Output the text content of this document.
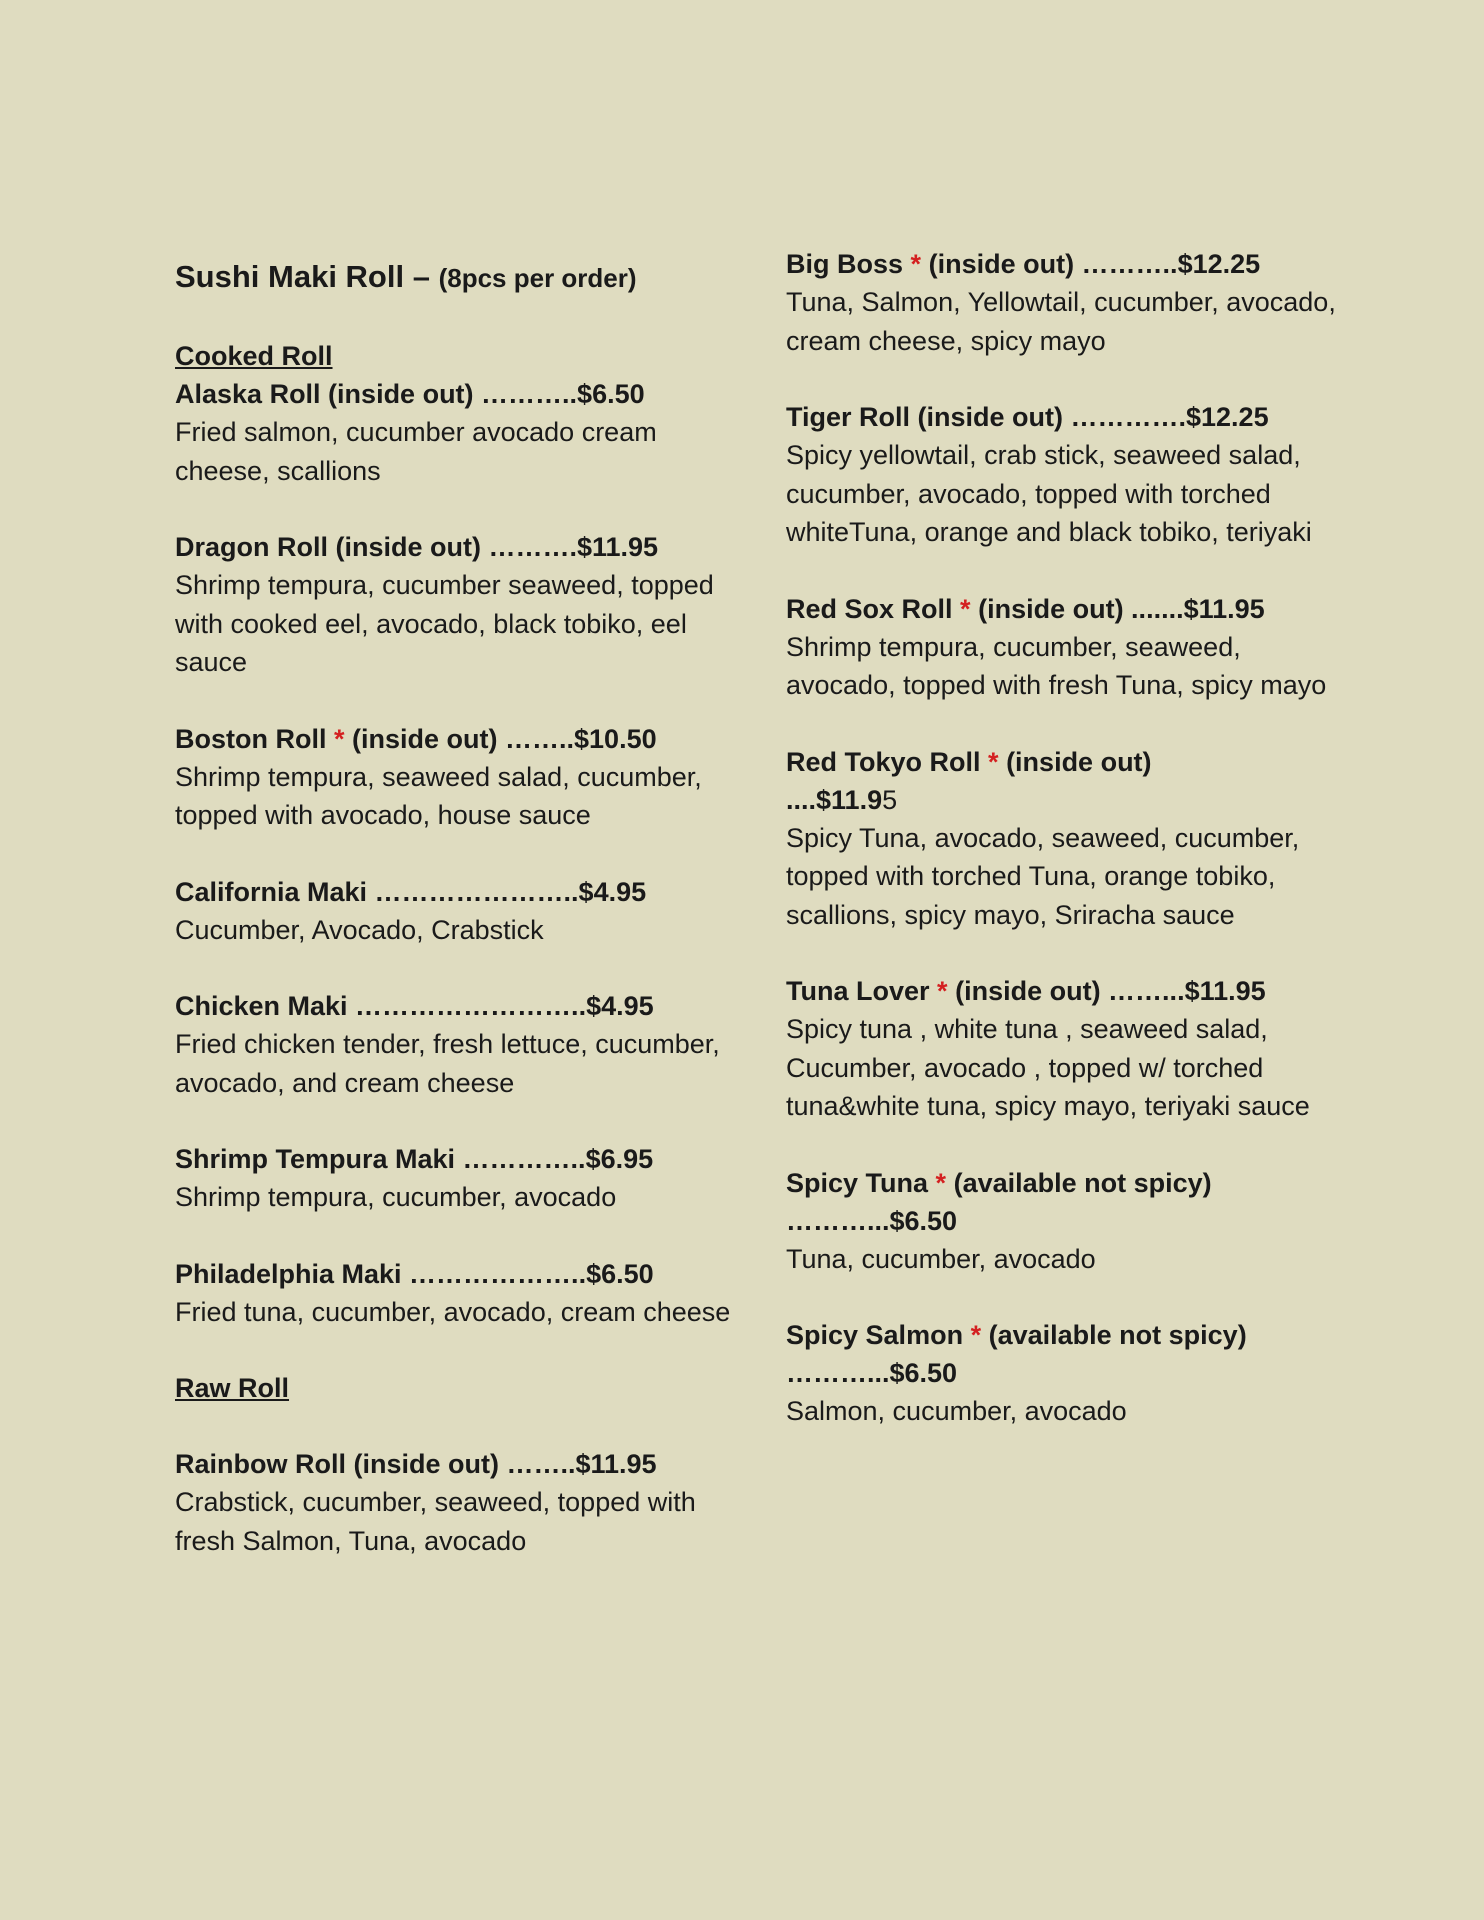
Sushi Maki Roll – (8pcs per order)
Cooked Roll
Alaska Roll (inside out) ………..$6.50
Fried salmon, cucumber avocado cream cheese, scallions
Dragon Roll (inside out) ……….$11.95
Shrimp tempura, cucumber seaweed, topped with cooked eel, avocado, black tobiko, eel sauce
Boston Roll * (inside out) ……..$10.50
Shrimp tempura, seaweed salad, cucumber, topped with avocado, house sauce
California Maki …………………..$4.95
Cucumber, Avocado, Crabstick
Chicken Maki ……………………..$4.95
Fried chicken tender, fresh lettuce, cucumber, avocado, and cream cheese
Shrimp Tempura Maki …………..$6.95
Shrimp tempura, cucumber, avocado
Philadelphia Maki ………………..$6.50
Fried tuna, cucumber, avocado, cream cheese
Raw Roll
Rainbow Roll (inside out) ……..$11.95
Crabstick, cucumber, seaweed, topped with fresh Salmon, Tuna, avocado
Big Boss * (inside out) ………..$12.25
Tuna, Salmon, Yellowtail, cucumber, avocado, cream cheese, spicy mayo
Tiger Roll (inside out) ………….$12.25
Spicy yellowtail, crab stick, seaweed salad, cucumber, avocado, topped with torched whiteTuna, orange and black tobiko, teriyaki
Red Sox Roll * (inside out) .......$11.95
Shrimp tempura, cucumber, seaweed, avocado, topped with fresh Tuna, spicy mayo
Red Tokyo Roll * (inside out)
....$11.95
Spicy Tuna, avocado, seaweed, cucumber, topped with torched Tuna, orange tobiko, scallions, spicy mayo, Sriracha sauce
Tuna Lover * (inside out) ……...$11.95
Spicy tuna , white tuna , seaweed salad, Cucumber, avocado , topped w/ torched tuna&white tuna, spicy mayo, teriyaki sauce
Spicy Tuna * (available not spicy)
………...$6.50
Tuna, cucumber, avocado
Spicy Salmon * (available not spicy)
………...$6.50
Salmon, cucumber, avocado
